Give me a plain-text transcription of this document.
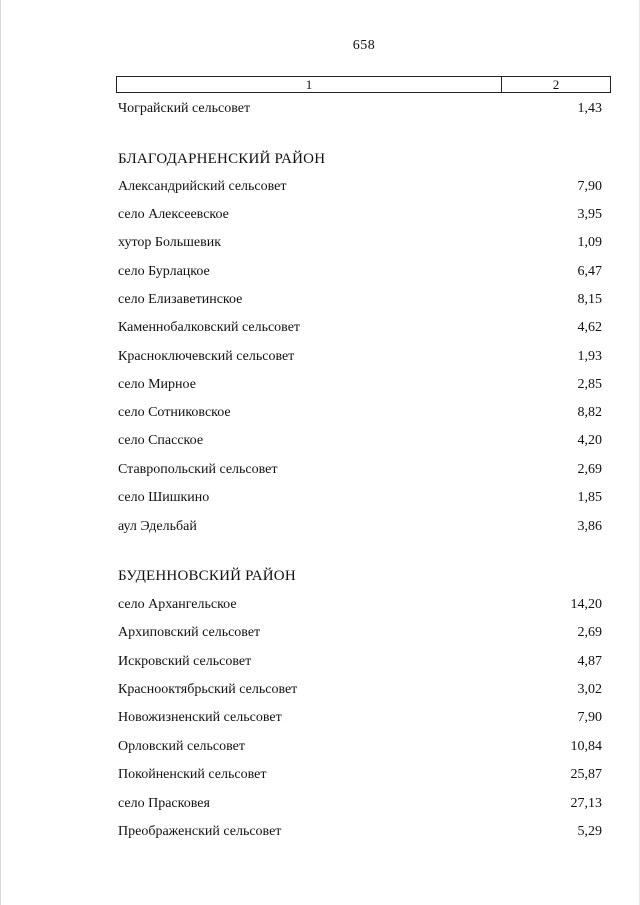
658
1	2
Чограйский сельсовет	1,43
БЛАГОДАРНЕНСКИЙ РАЙОН
Александрийский сельсовет	7,90
село Алексеевское	3,95
хутор Большевик	1,09
село Бурлацкое	6,47
село Елизаветинское	8,15
Каменнобалковский сельсовет	4,62
Красноключевский сельсовет	1,93
село Мирное	2,85
село Сотниковское	8,82
село Спасское	4,20
Ставропольский сельсовет	2,69
село Шишкино	1,85
аул Эдельбай	3,86
БУДЕННОВСКИЙ РАЙОН
село Архангельское	14,20
Архиповский сельсовет	2,69
Искровский сельсовет	4,87
Краснооктябрьский сельсовет	3,02
Новожизненский сельсовет	7,90
Орловский сельсовет	10,84
Покойненский сельсовет	25,87
село Прасковея	27,13
Преображенский сельсовет	5,29
